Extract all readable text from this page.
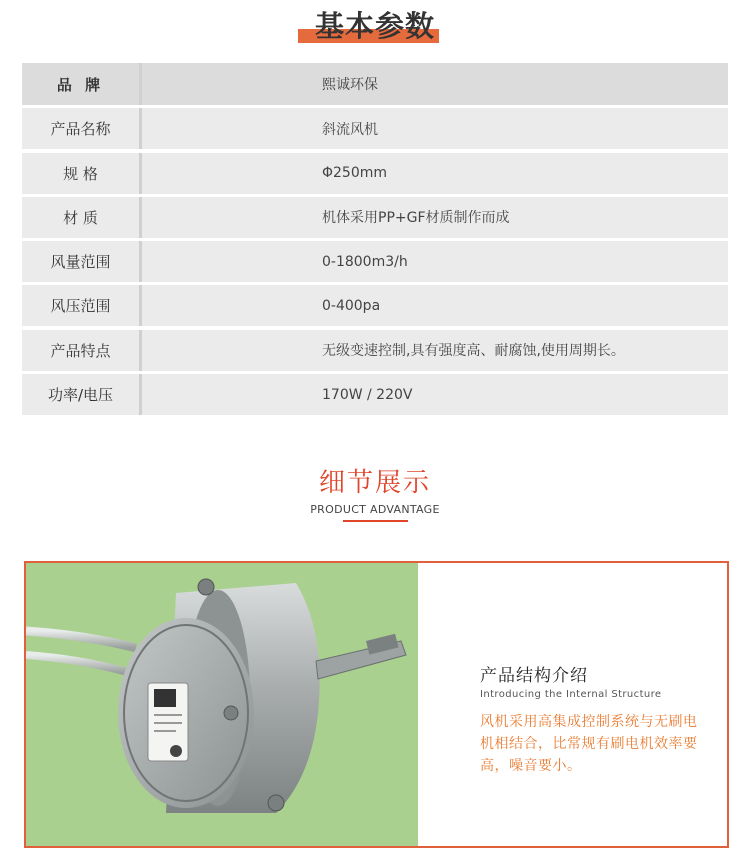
基本参数
品 牌	熙诚环保
产品名称	斜流风机
规 格	Φ250mm
材 质	机体采用PP+GF材质制作而成
风量范围	0-1800m3/h
风压范围	0-400pa
产品特点	无级变速控制,具有强度高、耐腐蚀,使用周期长。
功率/电压	170W / 220V
细节展示
PRODUCT ADVANTAGE
产品结构介绍
Introducing the Internal Structure
风机采用高集成控制系统与无刷电机相结合，比常规有刷电机效率要高，噪音要小。
